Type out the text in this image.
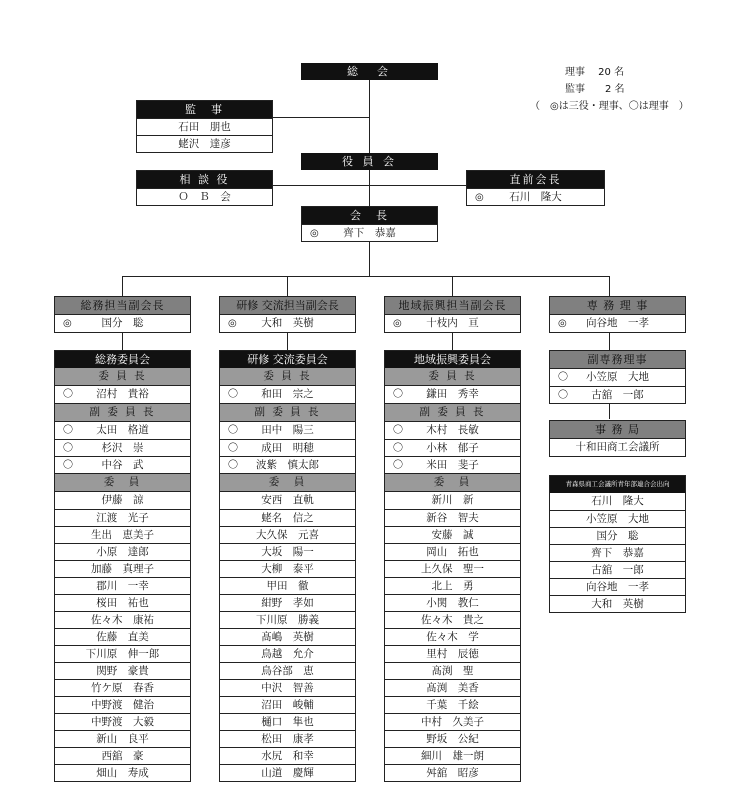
総　会	理事　 20 名
監事　　2 名
（　◎は三役・理事、〇は理事　）
監　事
石田　朋也
蛯沢　達彦
役 員 会
相 談 役
Ｏ　Ｂ　会
直前会長
◎ 石川　隆大
会　長
◎ 齊下　恭嘉
総務担当副会長
◎	国分　聡
研修 交流担当副会長
◎ 大和　英樹
地域振興担当副会長
◎ 十枝内　亘
専 務 理 事
◎ 向谷地　一孝
総務委員会
委 員 長
〇 沼村　貴裕
副 委 員 長
〇 太田　格道
〇	杉沢　崇
〇	中谷　武
委　員
伊藤　諒
江渡　光子
生出　恵美子
小原　達郎
加藤　真理子
郡川　一幸
桜田　祐也
佐々木　康祐
佐藤　直美
下川原　伸一郎
関野　豪貴
竹ケ原　春香
中野渡　健治
中野渡　大毅
新山　良平
西舘　豪
畑山　寿成
研修 交流委員会
委 員 長
〇 和田　宗之
副 委 員 長
〇 田中　陽三
〇 成田　明穂
〇 波紫　慎太郎
委　員
安西　直軌
蛯名　信之
大久保　元喜
大坂　陽一
大柳　泰平
甲田　徹
紺野　孝如
下川原　勝義
髙嶋　英樹
鳥越　允介
鳥谷部　恵
中沢　智善
沼田　峻輔
樋口　隼也
松田　康孝
水尻　和幸
山道　慶輝
地域振興委員会
委 員 長
〇 鎌田　秀幸
副 委 員 長
〇 木村　長敏
〇 小林　郁子
〇 米田　斐子
委　員
新川　新
新谷　智夫
安藤　誠
岡山　拓也
上久保　聖一
北上　勇
小関　教仁
佐々木　貴之
佐々木　学
里村　辰徳
髙渕　聖
髙渕　美香
千葉　千絵
中村　久美子
野坂　公紀
細川　雄一朗
舛舘　昭彦
副専務理事
〇 小笠原　大地
〇 古舘　一郎
事 務 局
十和田商工会議所
青森県商工会議所青年部連合会出向
石川　隆大
小笠原　大地
国分　聡
齊下　恭嘉
古舘　一郎
向谷地　一孝
大和　英樹
